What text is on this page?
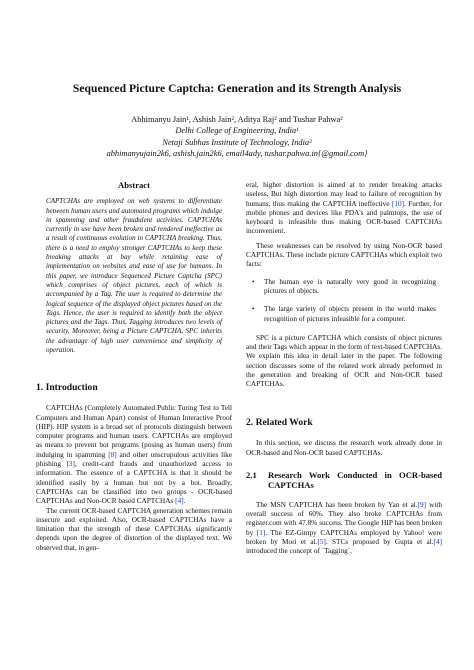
Sequenced Picture Captcha: Generation and its Strength Analysis
Abhimanyu Jain¹, Ashish Jain², Aditya Raj² and Tushar Pahwa²
Delhi College of Engineering, India¹
Netaji Subhas Institute of Technology, India²
abhimanyujain2k6, ashish.jain2k6, email4ady, tushar.pahwa.in{@gmail.com}
Abstract

CAPTCHAs are employed on web systems to differentiate between human users and automated programs which indulge in spamming and other fraudulent activities. CAPTCHAs currently in use have been broken and rendered ineffective as a result of continuous evolution in CAPTCHA breaking. Thus, there is a need to employ stronger CAPTCHAs to keep these breaking attacks at bay while retaining ease of implementation on websites and ease of use for humans. In this paper, we introduce Sequenced Picture Captcha (SPC) which comprises of object pictures, each of which is accompanied by a Tag. The user is required to determine the logical sequence of the displayed object pictures based on the Tags. Hence, the user is required to identify both the object pictures and the Tags. Thus, Tagging introduces two levels of security. Moreover, being a Picture CAPTCHA, SPC inherits the advantage of high user convenience and simplicity of operation.

1. Introduction

CAPTCHAs (Completely Automated Public Turing Test to Tell Computers and Human Apart) consist of Human Interactive Proof (HIP). HIP system is a broad set of protocols distinguish between computer programs and human users. CAPTCHAs are employed as means to prevent bot programs (posing as human users) from indulging in spamming [8] and other unscrupulous activities like phishing [3], credit-card frauds and unauthorized access to information. The essence of a CAPTCHA is that it should be identified easily by a human but not by a bot. Broadly, CAPTCHAs can be classified into two groups - OCR-based CAPTCHAs and Non-OCR based CAPTCHAs [4].

The current OCR-based CAPTCHA generation schemes remain insecure and exploited. Also, OCR-based CAPTCHAs have a limitation that the strength of these CAPTCHAs significantly depends upon the degree of distortion of the displayed text. We observed that, in gen-

eral, higher distortion is aimed at to render breaking attacks useless, But high distortion may lead to failure of recognition by humans, thus making the CAPTCHA ineffective [10]. Further, for mobile phones and devices like PDA's and palmtops, the use of keyboard is infeasible thus making OCR-based CAPTCHAs inconvenient.

These weaknesses can be resolved by using Non-OCR based CAPTCHAs. These include picture CAPTCHAs which exploit two facts:

• The human eye is naturally very good in recognizing pictures of objects.
• The large variety of objects present in the world makes recognition of pictures infeasible for a computer.

SPC is a picture CAPTCHA which consists of object pictures and their Tags which appear in the form of text-based CAPTCHAs. We explain this idea in detail later in the paper. The following section discusses some of the related work already performed in the generation and breaking of OCR and Non-OCR based CAPTCHAs.

2. Related Work

In this section, we discuss the research work already done in OCR-based and Non-OCR based CAPTCHAs.

2.1	Research Work Conducted in OCR-based CAPTCHAs

The MSN CAPTCHA has been broken by Yan et al.[9] with overall success of 60%. They also broke CAPTCHAs from register.com with 47.8% success. The Google HIP has been broken by [1]. The EZ-Gimpy CAPTCHAs employed by Yahoo! were broken by Mori et al.[5]. STCs proposed by Gupta et al.[4] introduced the concept of `Tagging`.
